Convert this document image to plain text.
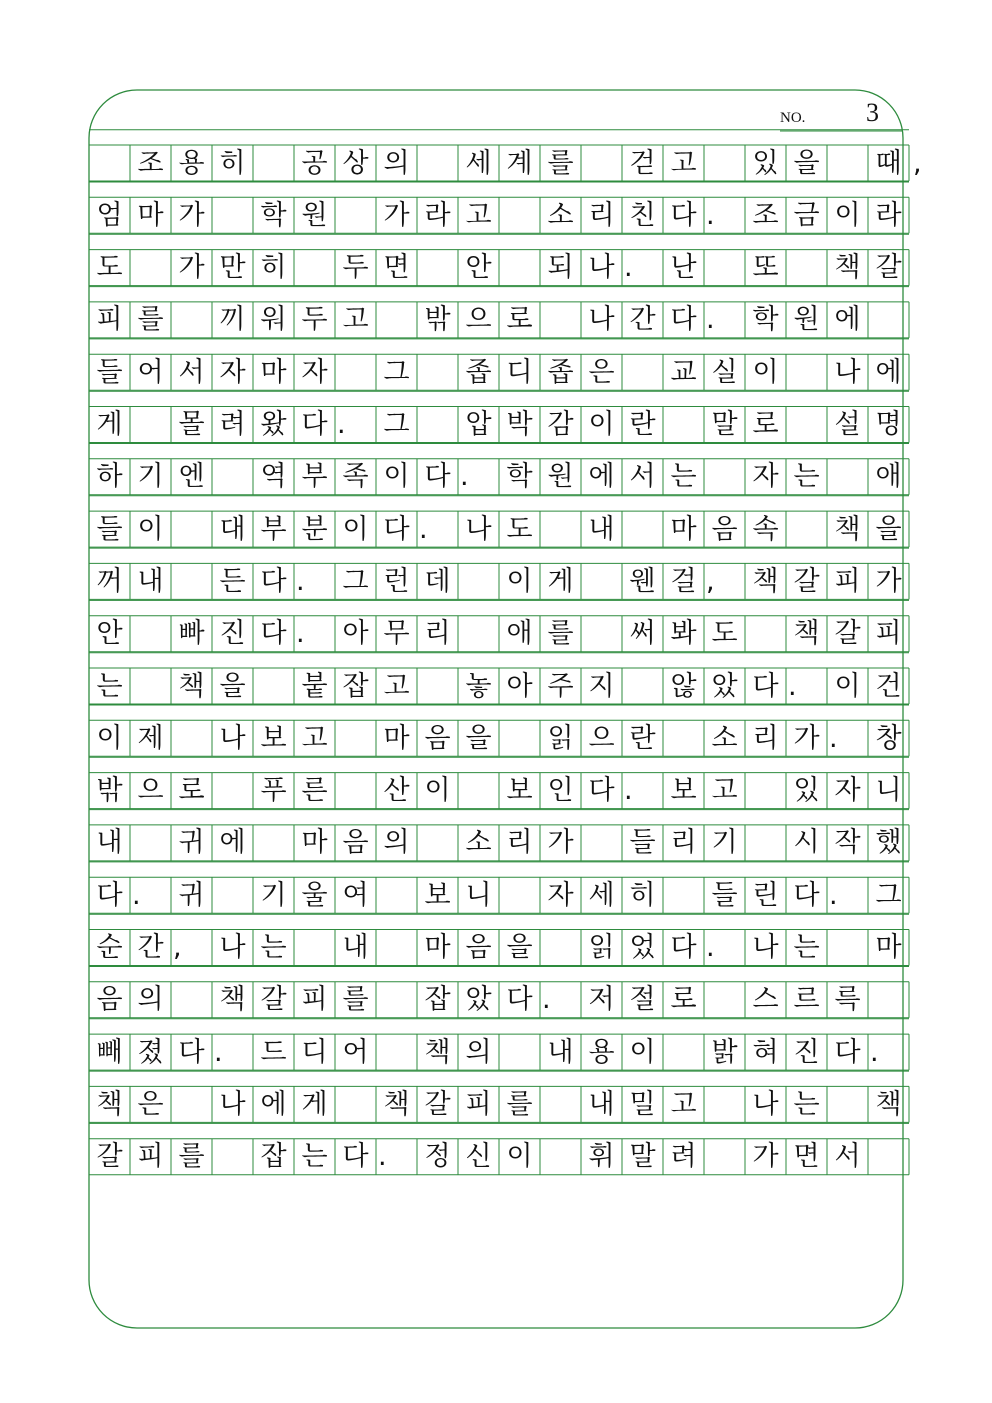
NO. 3
조 용 히 공 상 의 세 계 를 걷 고 있 을 때 ,
엄 마 가 학 원 가 라 고 소 리 친 다 .	조 금 이 라
도 가 만 히 두 면 안 되 나 .	난 또 책 갈
피 를 끼 워 두 고 밖 으 로 나 간 다 .	학 원 에
들 어 서 자 마 자 그 좁 디 좁 은 교 실 이 나 에
게 몰 려 왔 다 .	그 압 박 감 이 란 말 로 설 명
하 기 엔 역 부 족 이 다 .	학 원 에 서 는 자 는 애
들 이 대 부 분 이 다 .	나 도 내 마 음 속 책 을
꺼 내 든 다 .	그 런 데 이 게 웬 걸 ,	책 갈 피 가
안 빠 진 다 .	아 무 리 애 를 써 봐 도 책 갈 피
는 책 을 붙 잡 고 놓 아 주 지 않 았 다 .	이 건
이 제 나 보 고 마 음 을 읽 으 란 소 리 가 .	창
밖 으 로 푸 른 산 이 보 인 다 .	보 고 있 자 니
내 귀 에 마 음 의 소 리 가 들 리 기 시 작 했
다 .	귀 기 울 여 보 니 자 세 히 들 린 다 .	그
순 간 ,	나 는 내 마 음 을 읽 었 다 .	나 는 마
음 의 책 갈 피 를 잡 았 다 .	저 절 로 스 르 륵
빼 졌 다 .	드 디 어 책 의 내 용 이 밝 혀 진 다 .
책 은 나 에 게 책 갈 피 를 내 밀 고 나 는 책
갈 피 를 잡 는 다 .	정 신 이 휘 말 려 가 면 서
